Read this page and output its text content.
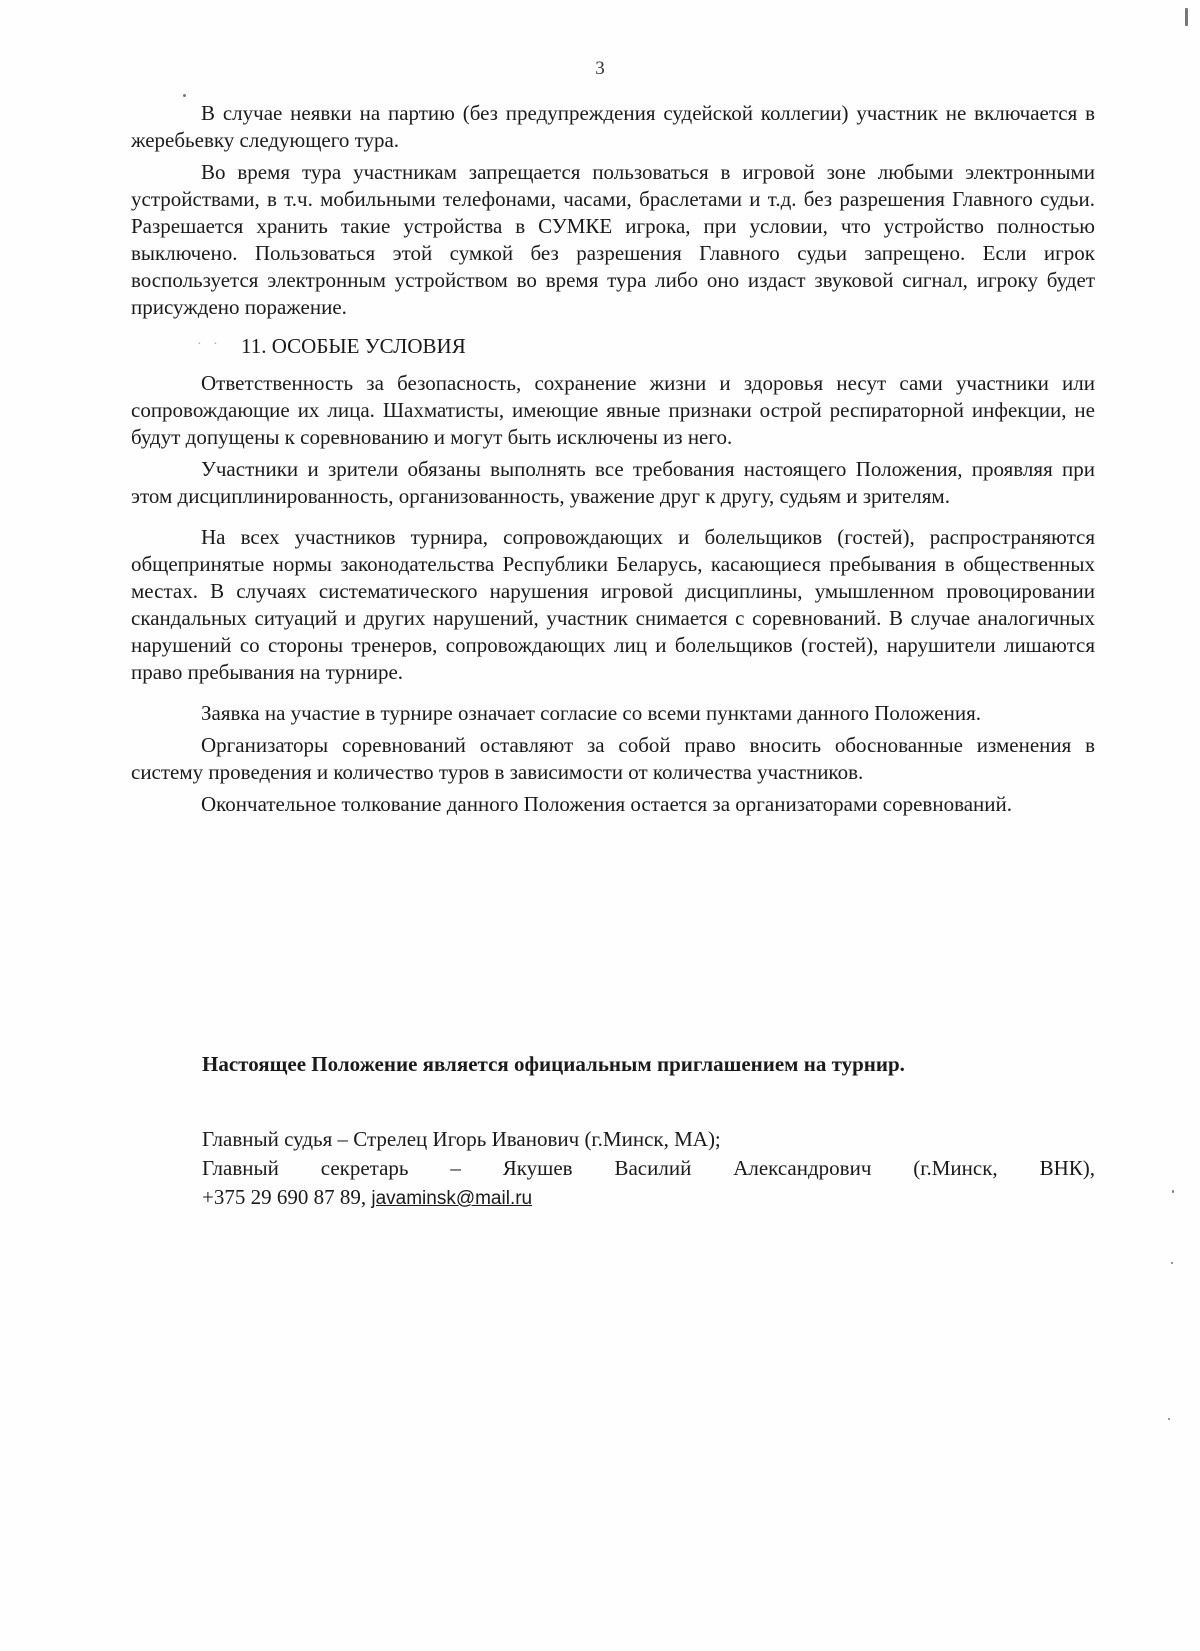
3

В случае неявки на партию (без предупреждения судейской коллегии) участник не включается в жеребьевку следующего тура.

Во время тура участникам запрещается пользоваться в игровой зоне любыми электронными устройствами, в т.ч. мобильными телефонами, часами, браслетами и т.д. без разрешения Главного судьи. Разрешается хранить такие устройства в СУМКЕ игрока, при условии, что устройство полностью выключено. Пользоваться этой сумкой без разрешения Главного судьи запрещено. Если игрок воспользуется электронным устройством во время тура либо оно издаст звуковой сигнал, игроку будет присуждено поражение.

· · 11. ОСОБЫЕ УСЛОВИЯ

Ответственность за безопасность, сохранение жизни и здоровья несут сами участники или сопровождающие их лица. Шахматисты, имеющие явные признаки острой респираторной инфекции, не будут допущены к соревнованию и могут быть исключены из него.

Участники и зрители обязаны выполнять все требования настоящего Положения, проявляя при этом дисциплинированность, организованность, уважение друг к другу, судьям и зрителям.

На всех участников турнира, сопровождающих и болельщиков (гостей), распространяются общепринятые нормы законодательства Республики Беларусь, касающиеся пребывания в общественных местах. В случаях систематического нарушения игровой дисциплины, умышленном провоцировании скандальных ситуаций и других нарушений, участник снимается с соревнований. В случае аналогичных нарушений со стороны тренеров, сопровождающих лиц и болельщиков (гостей), нарушители лишаются право пребывания на турнире.

Заявка на участие в турнире означает согласие со всеми пунктами данного Положения.

Организаторы соревнований оставляют за собой право вносить обоснованные изменения в систему проведения и количество туров в зависимости от количества участников.

Окончательное толкование данного Положения остается за организаторами соревнований.

Настоящее Положение является официальным приглашением на турнир.

Главный судья – Стрелец Игорь Иванович (г.Минск, МА);

Главный секретарь – Якушев Василий Александрович (г.Минск, ВНК),

+375 29 690 87 89, javaminsk@mail.ru
